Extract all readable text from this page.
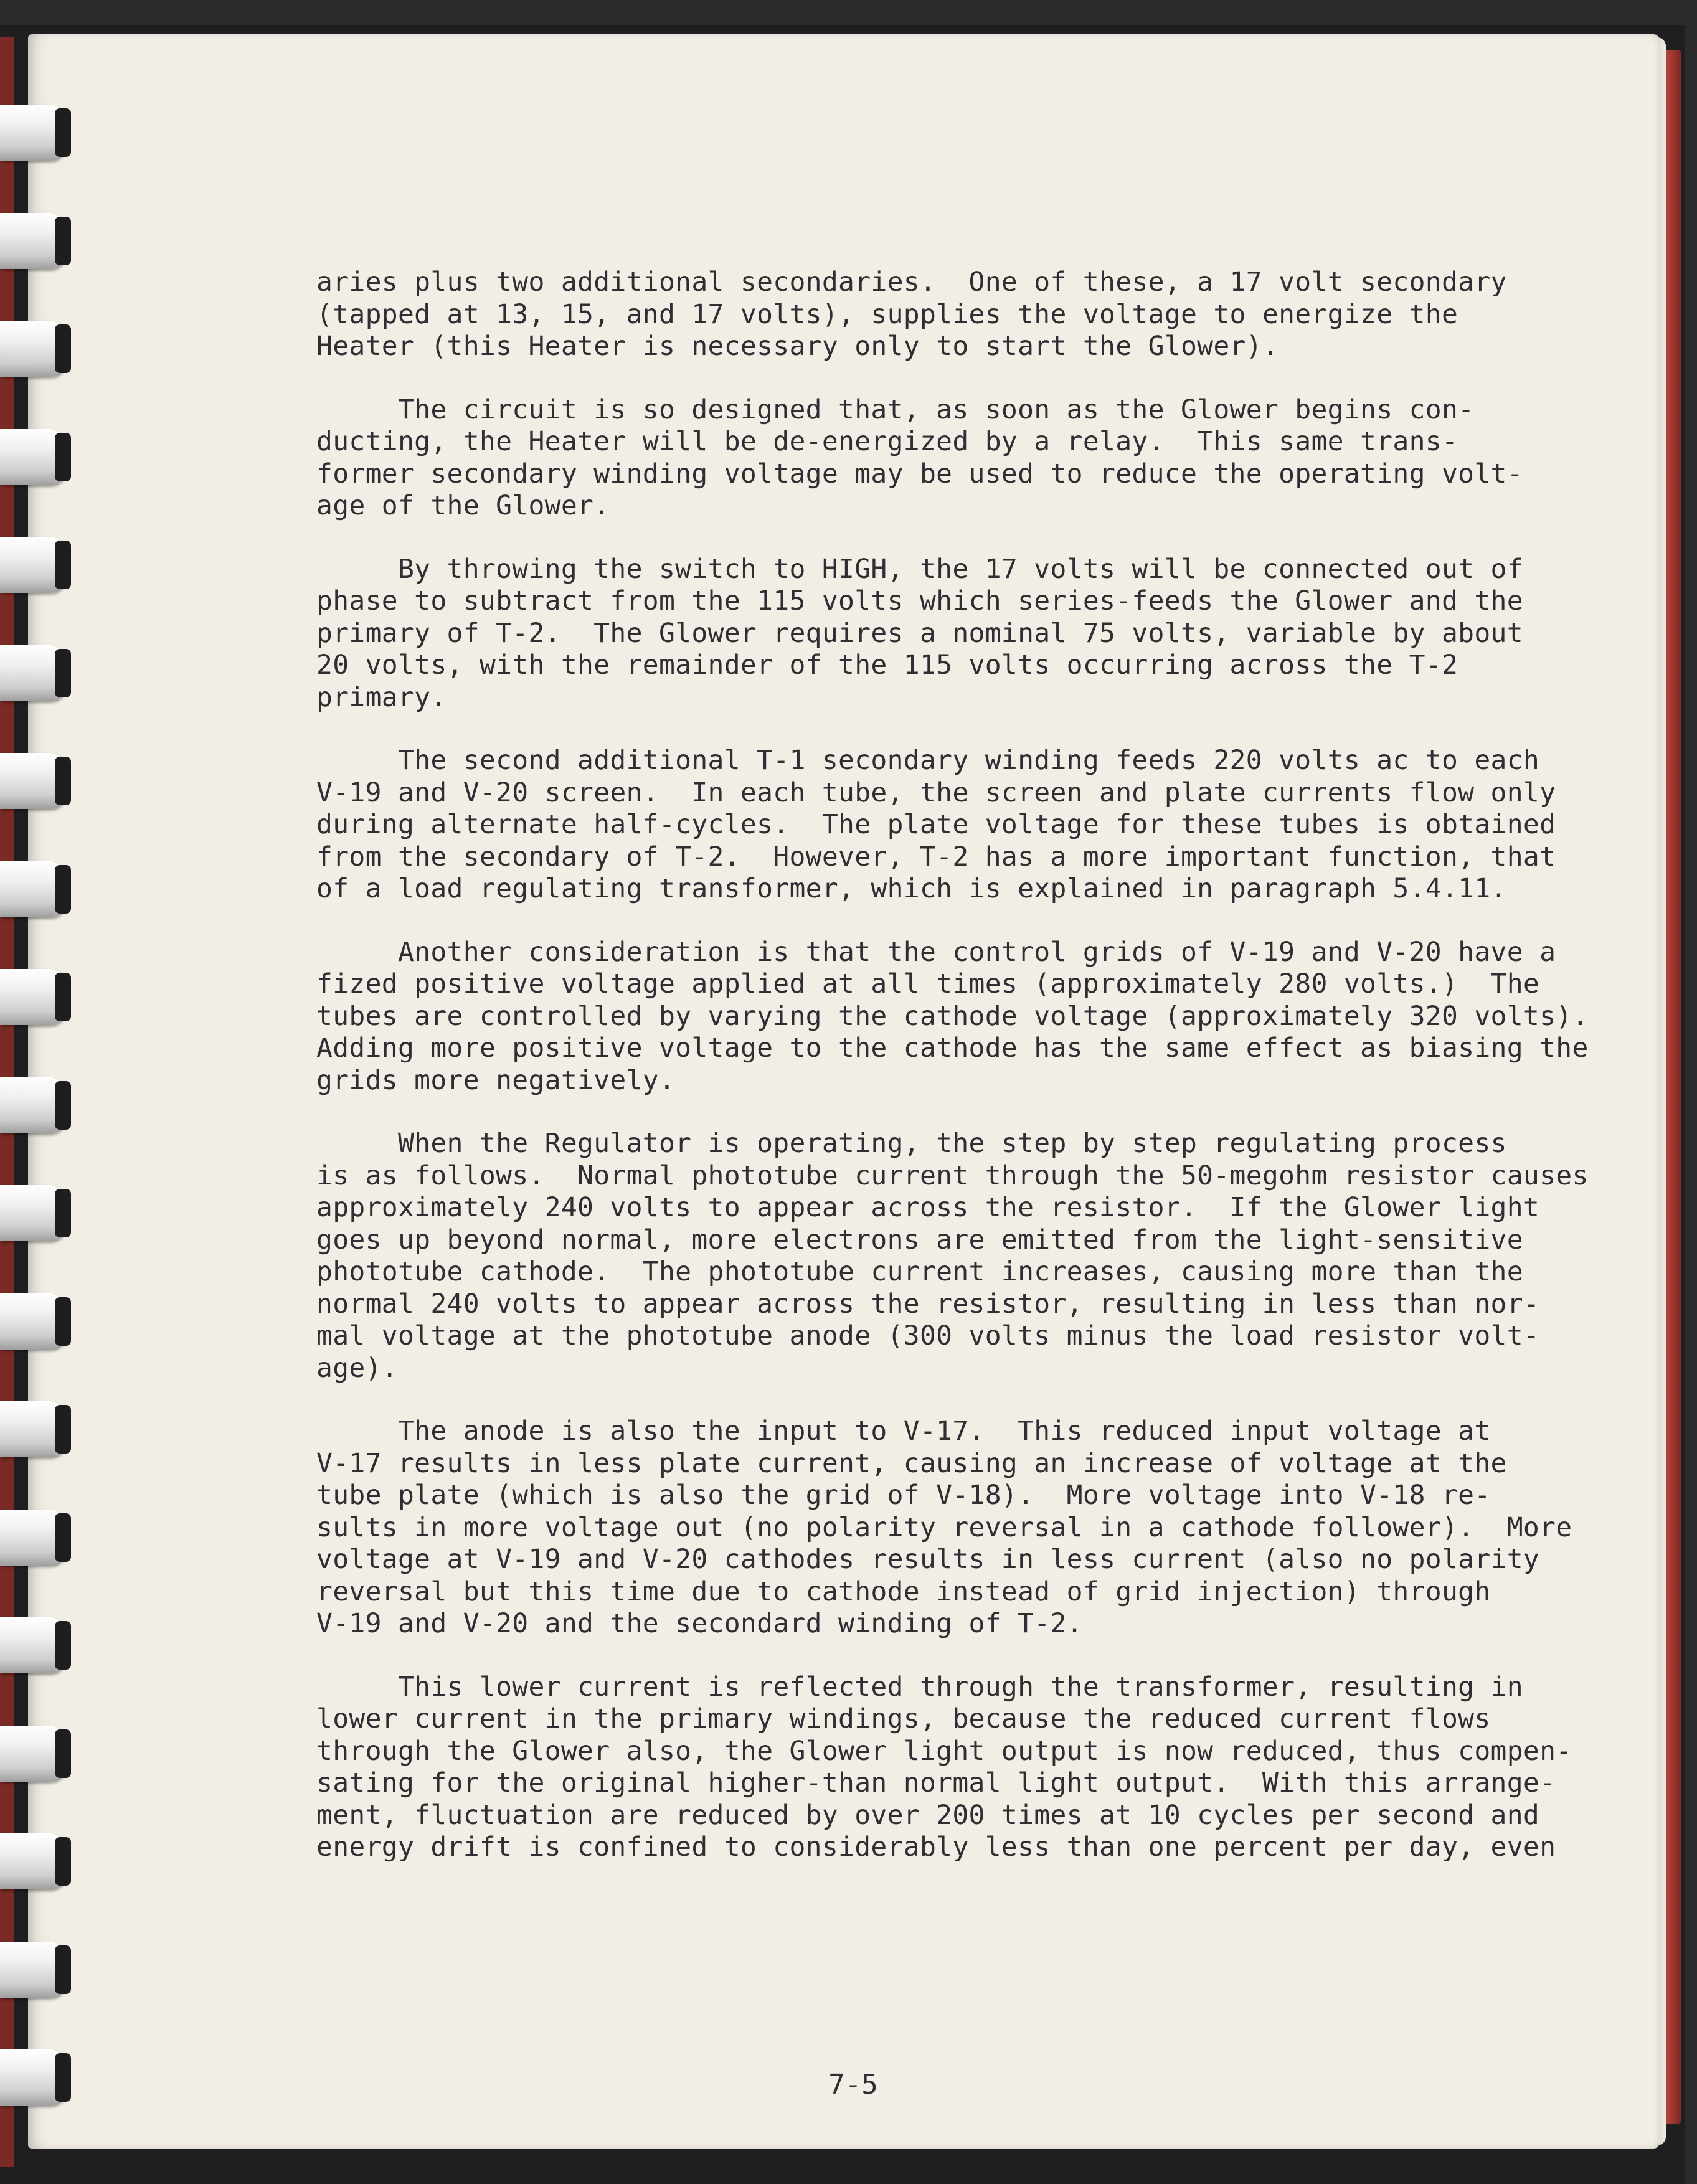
aries plus two additional secondaries.  One of these, a 17 volt secondary
(tapped at 13, 15, and 17 volts), supplies the voltage to energize the
Heater (this Heater is necessary only to start the Glower).

The circuit is so designed that, as soon as the Glower begins con-
ducting, the Heater will be de-energized by a relay.  This same trans-
former secondary winding voltage may be used to reduce the operating volt-
age of the Glower.

By throwing the switch to HIGH, the 17 volts will be connected out of
phase to subtract from the 115 volts which series-feeds the Glower and the
primary of T-2.  The Glower requires a nominal 75 volts, variable by about
20 volts, with the remainder of the 115 volts occurring across the T-2
primary.

The second additional T-1 secondary winding feeds 220 volts ac to each
V-19 and V-20 screen.  In each tube, the screen and plate currents flow only
during alternate half-cycles.  The plate voltage for these tubes is obtained
from the secondary of T-2.  However, T-2 has a more important function, that
of a load regulating transformer, which is explained in paragraph 5.4.11.

Another consideration is that the control grids of V-19 and V-20 have a
fized positive voltage applied at all times (approximately 280 volts.)  The
tubes are controlled by varying the cathode voltage (approximately 320 volts).
Adding more positive voltage to the cathode has the same effect as biasing the
grids more negatively.

When the Regulator is operating, the step by step regulating process
is as follows.  Normal phototube current through the 50-megohm resistor causes
approximately 240 volts to appear across the resistor.  If the Glower light
goes up beyond normal, more electrons are emitted from the light-sensitive
phototube cathode.  The phototube current increases, causing more than the
normal 240 volts to appear across the resistor, resulting in less than nor-
mal voltage at the phototube anode (300 volts minus the load resistor volt-
age).

The anode is also the input to V-17.  This reduced input voltage at
V-17 results in less plate current, causing an increase of voltage at the
tube plate (which is also the grid of V-18).  More voltage into V-18 re-
sults in more voltage out (no polarity reversal in a cathode follower).  More
voltage at V-19 and V-20 cathodes results in less current (also no polarity
reversal but this time due to cathode instead of grid injection) through
V-19 and V-20 and the secondard winding of T-2.

This lower current is reflected through the transformer, resulting in
lower current in the primary windings, because the reduced current flows
through the Glower also, the Glower light output is now reduced, thus compen-
sating for the original higher-than normal light output.  With this arrange-
ment, fluctuation are reduced by over 200 times at 10 cycles per second and
energy drift is confined to considerably less than one percent per day, even

7-5
